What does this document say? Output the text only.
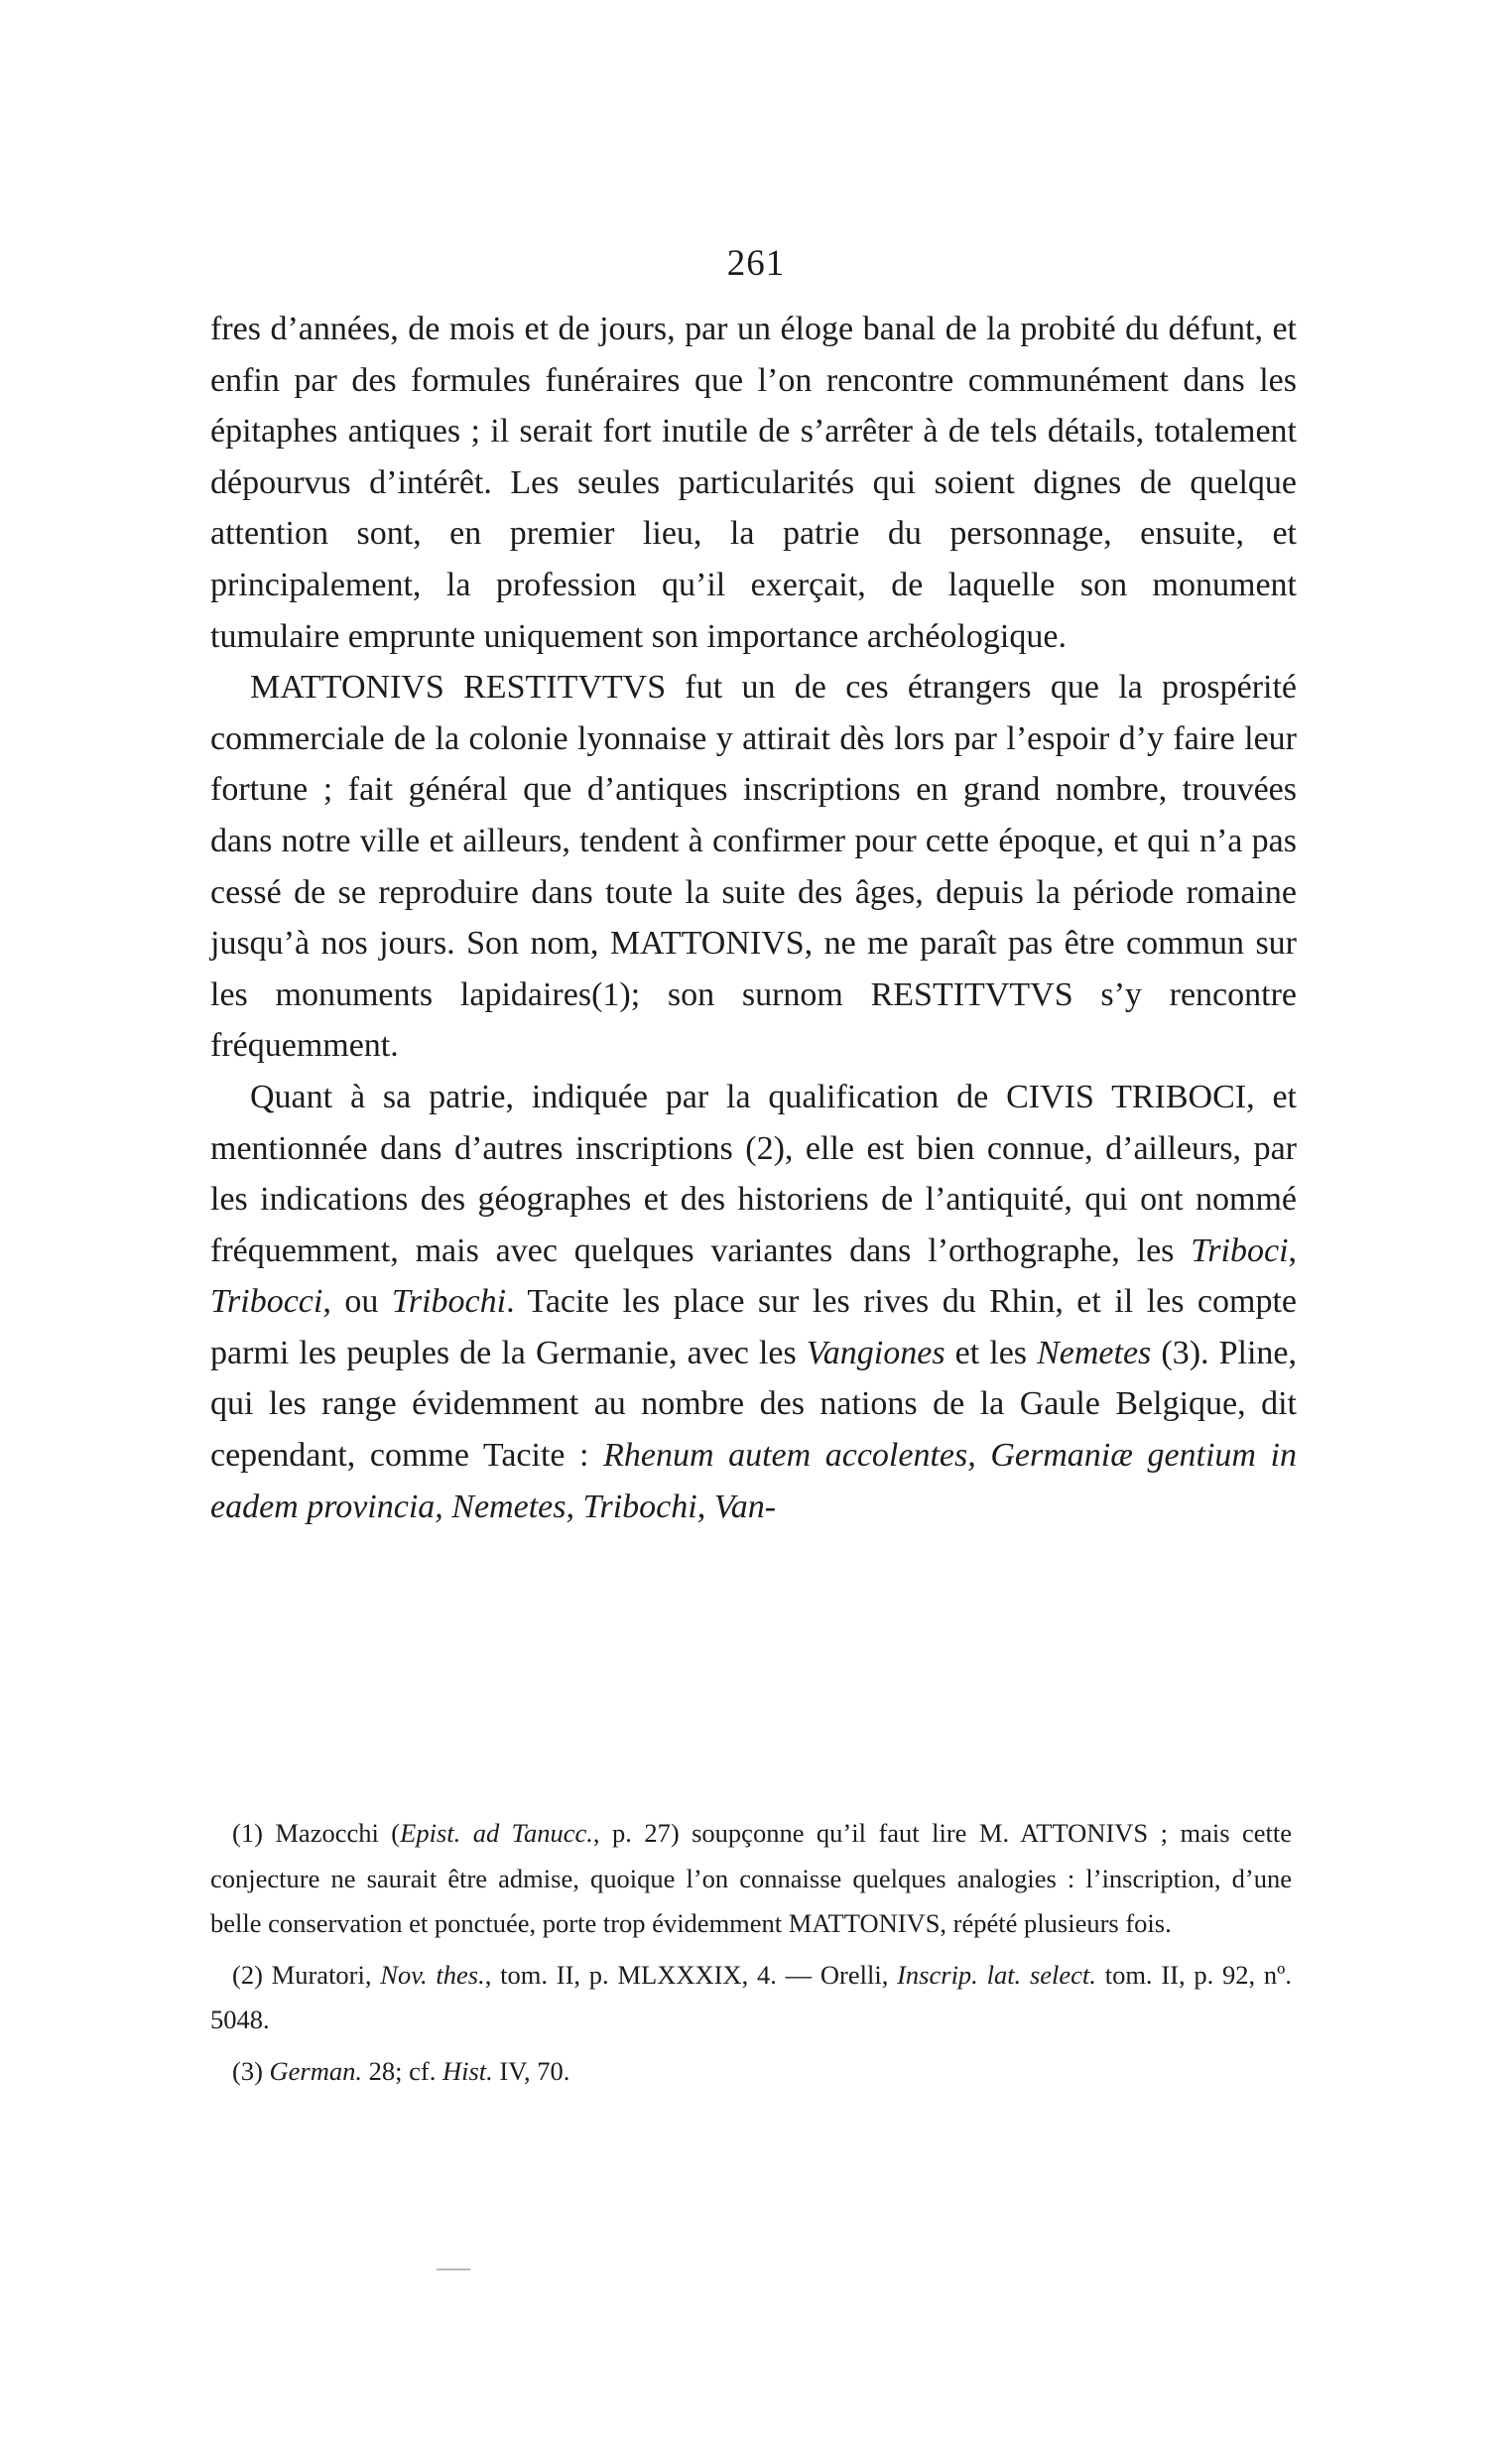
261

fres d’années, de mois et de jours, par un éloge banal de la probité du défunt, et enfin par des formules funéraires que l’on rencontre communément dans les épitaphes antiques ; il serait fort inutile de s’arrêter à de tels détails, totalement dépourvus d’intérêt. Les seules particularités qui soient dignes de quelque attention sont, en premier lieu, la patrie du personnage, ensuite, et principalement, la profession qu’il exerçait, de laquelle son monument tumulaire emprunte uniquement son importance archéologique.

MATTONIVS RESTITVTVS fut un de ces étrangers que la prospérité commerciale de la colonie lyonnaise y attirait dès lors par l’espoir d’y faire leur fortune ; fait général que d’antiques inscriptions en grand nombre, trouvées dans notre ville et ailleurs, tendent à confirmer pour cette époque, et qui n’a pas cessé de se reproduire dans toute la suite des âges, depuis la période romaine jusqu’à nos jours. Son nom, MATTONIVS, ne me paraît pas être commun sur les monuments lapidaires(1); son surnom RESTITVTVS s’y rencontre fréquemment.

Quant à sa patrie, indiquée par la qualification de CIVIS TRIBOCI, et mentionnée dans d’autres inscriptions (2), elle est bien connue, d’ailleurs, par les indications des géographes et des historiens de l’antiquité, qui ont nommé fréquemment, mais avec quelques variantes dans l’orthographe, les Triboci, Tribocci, ou Tribochi. Tacite les place sur les rives du Rhin, et il les compte parmi les peuples de la Germanie, avec les Vangiones et les Nemetes (3). Pline, qui les range évidemment au nombre des nations de la Gaule Belgique, dit cependant, comme Tacite : Rhenum autem accolentes, Germaniæ gentium in eadem provincia, Nemetes, Tribochi, Van-

(1) Mazocchi (Epist. ad Tanucc., p. 27) soupçonne qu’il faut lire M. ATTONIVS ; mais cette conjecture ne saurait être admise, quoique l’on connaisse quelques analogies : l’inscription, d’une belle conservation et ponctuée, porte trop évidemment MATTONIVS, répété plusieurs fois.

(2) Muratori, Nov. thes., tom. II, p. MLXXXIX, 4. — Orelli, Inscrip. lat. select. tom. II, p. 92, nº. 5048.

(3) German. 28; cf. Hist. IV, 70.
